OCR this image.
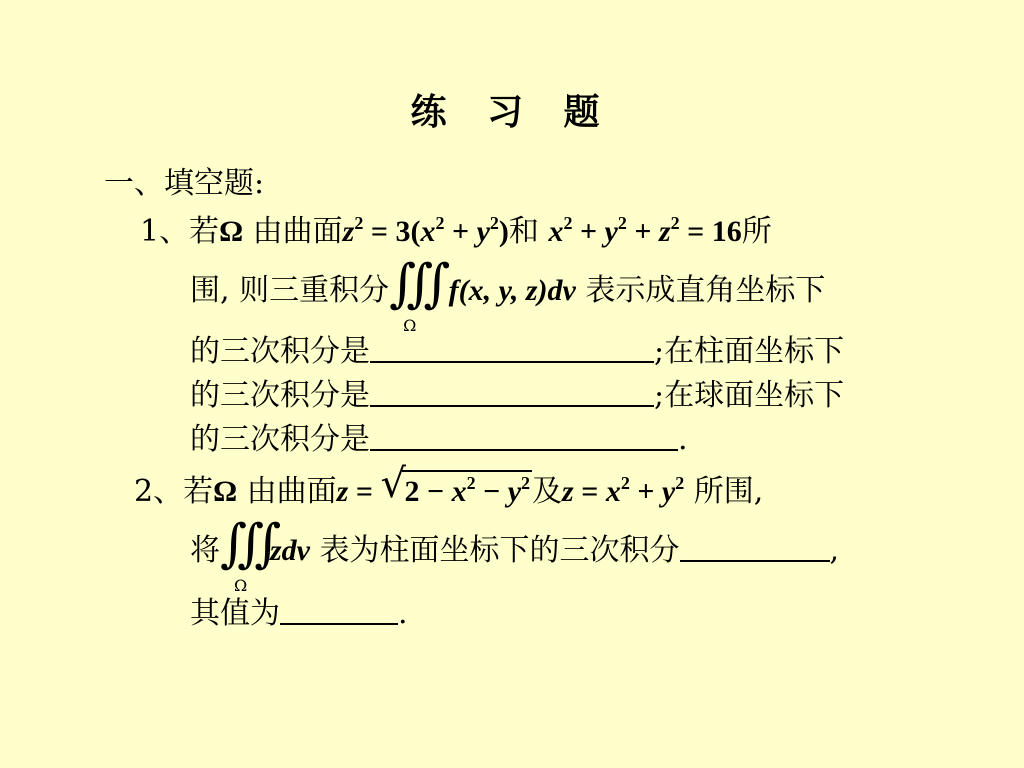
练 习 题
一、填空题:
1、若Ω 由曲面$z^2 = 3(x^2 + y^2)$和 $x^2 + y^2 + z^2 = 16$所
围, 则三重积分 ∭
Ω
f(x, y, z)dv 表示成直角坐标下
的三次积分是	;在柱面坐标下
的三次积分是	;在球面坐标下
的三次积分是	.
2、若Ω 由曲面z = √
$2 - x^2 - y^2$及$z = x^2 + y^2$ 所围,
将 ∭
Ω
zdv 表为柱面坐标下的三次积分	,
其值为	.
